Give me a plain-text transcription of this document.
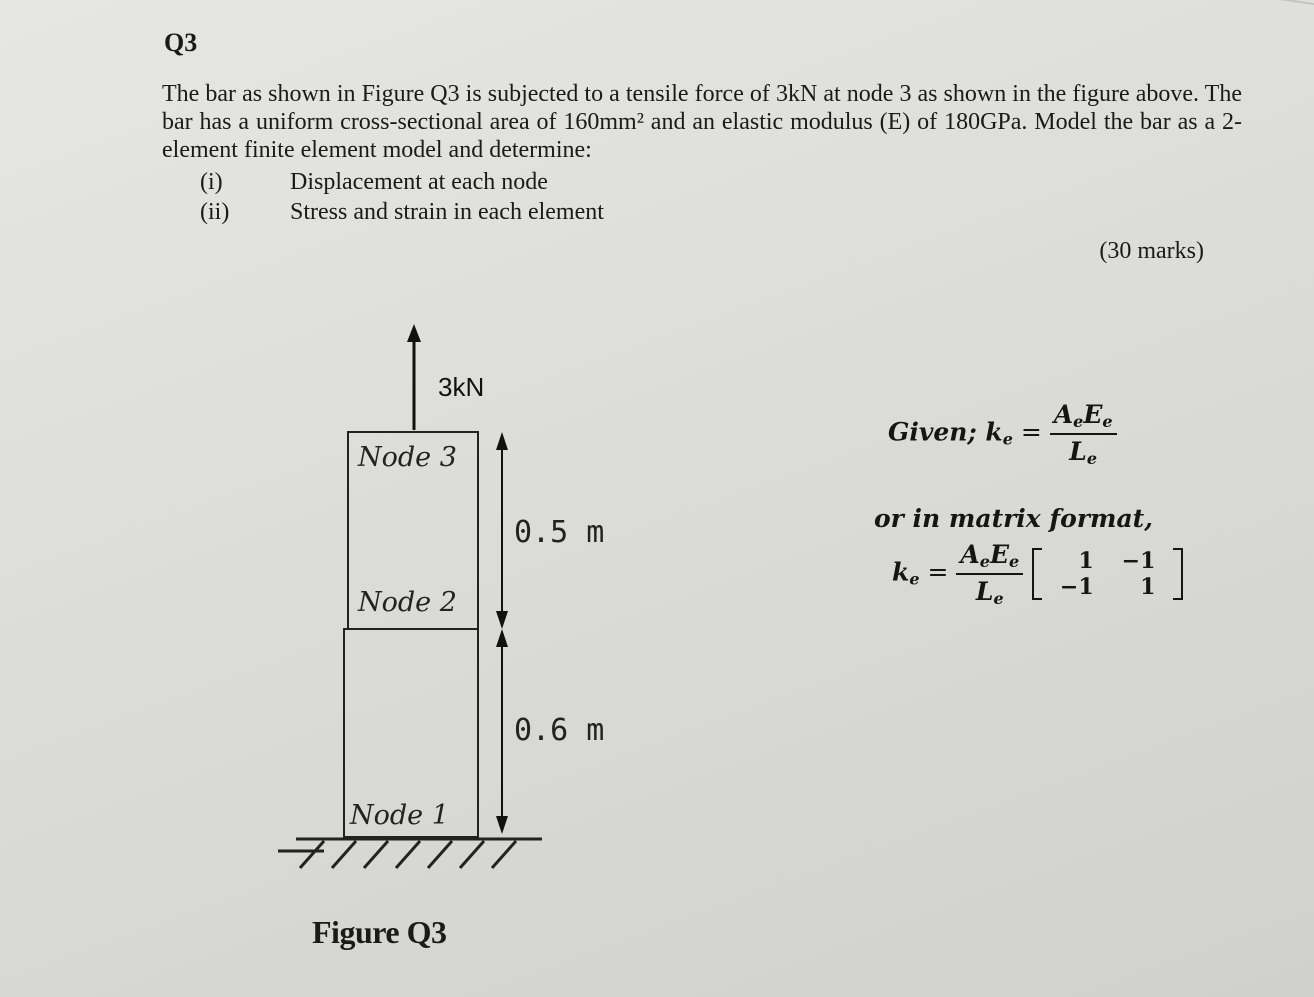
Q3
The bar as shown in Figure Q3 is subjected to a tensile force of 3kN at node 3 as shown in the figure above. The bar has a uniform cross-sectional area of 160mm² and an elastic modulus (E) of 180GPa. Model the bar as a 2-element finite element model and determine:
(i)	Displacement at each node
(ii)	Stress and strain in each element
(30 marks)
3kN
Node 3
Node 2
Node 1
0.5 m
0.6 m
Figure Q3
Given; $k_e = \frac{A_eE_e}{L_e}$
or in matrix format,
$k_e = \frac{A_eE_e}{L_e}$
	1	−1
−1	1
